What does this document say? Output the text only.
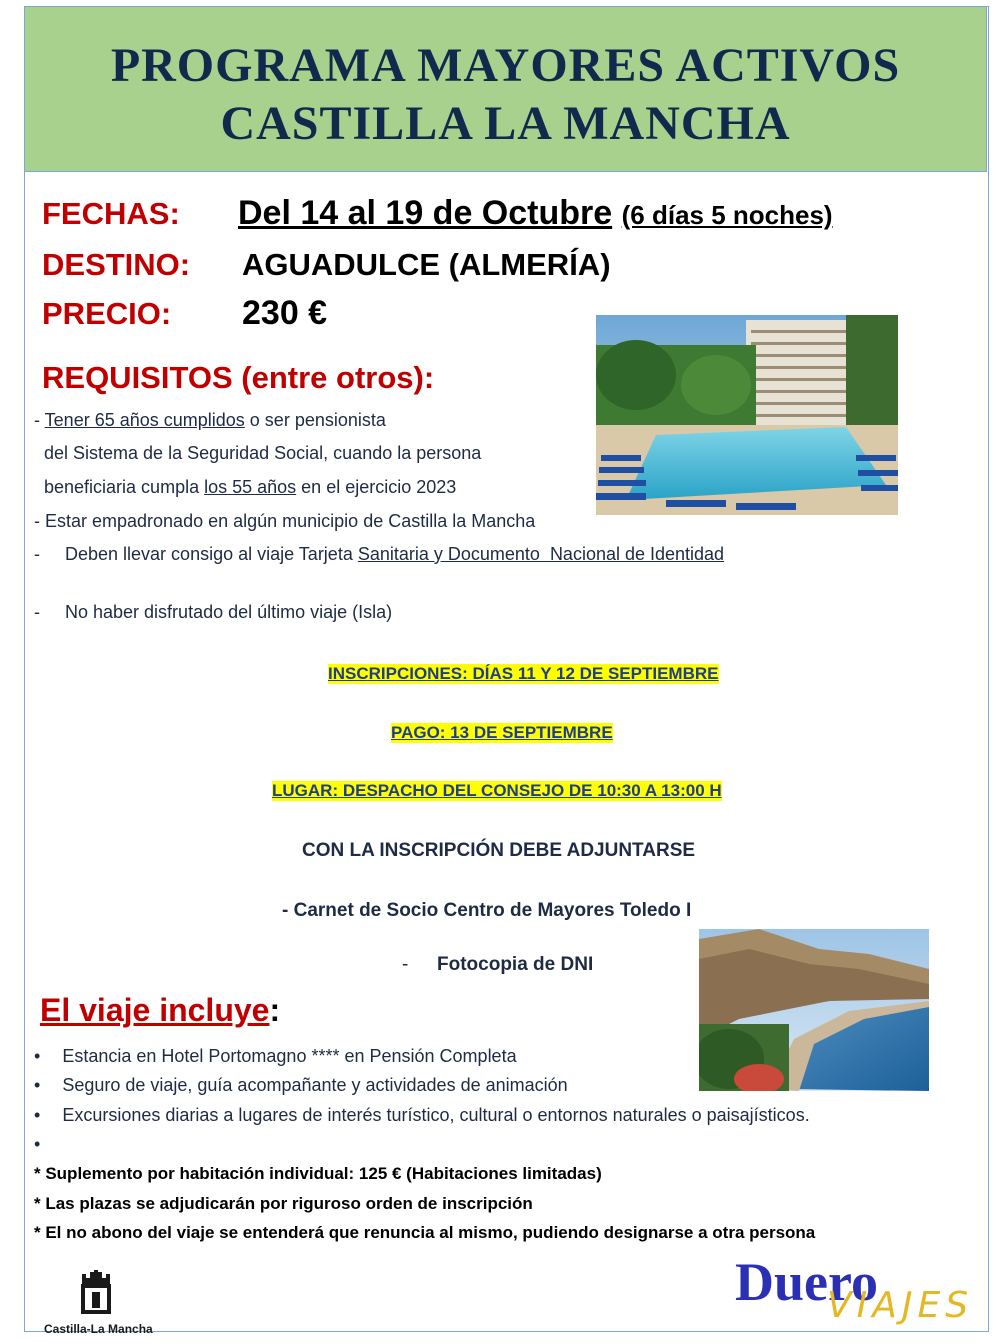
PROGRAMA MAYORES ACTIVOS
CASTILLA LA MANCHA
FECHAS: Del 14 al 19 de Octubre (6 días 5 noches)
DESTINO: AGUADULCE (ALMERÍA)
PRECIO: 230 €
REQUISITOS (entre otros):
- Tener 65 años cumplidos o ser pensionista
del Sistema de la Seguridad Social, cuando la persona
beneficiaria cumpla los 55 años en el ejercicio 2023
- Estar empadronado en algún municipio de Castilla la Mancha
-     Deben llevar consigo al viaje Tarjeta Sanitaria y Documento  Nacional de Identidad
-     No haber disfrutado del último viaje (Isla)
INSCRIPCIONES: DÍAS 11 Y 12 DE SEPTIEMBRE
PAGO: 13 DE SEPTIEMBRE
LUGAR: DESPACHO DEL CONSEJO DE 10:30 A 13:00 H
CON LA INSCRIPCIÓN DEBE ADJUNTARSE
- Carnet de Socio Centro de Mayores Toledo I
- Fotocopia de DNI
El viaje incluye:
• Estancia en Hotel Portomagno **** en Pensión Completa
• Seguro de viaje, guía acompañante y actividades de animación
• Excursiones diarias a lugares de interés turístico, cultural o entornos naturales o paisajísticos.
•
* Suplemento por habitación individual: 125 € (Habitaciones limitadas)
* Las plazas se adjudicarán por riguroso orden de inscripción
* El no abono del viaje se entenderá que renuncia al mismo, pudiendo designarse a otra persona
Castilla-La Mancha
Duero
VIAJES
